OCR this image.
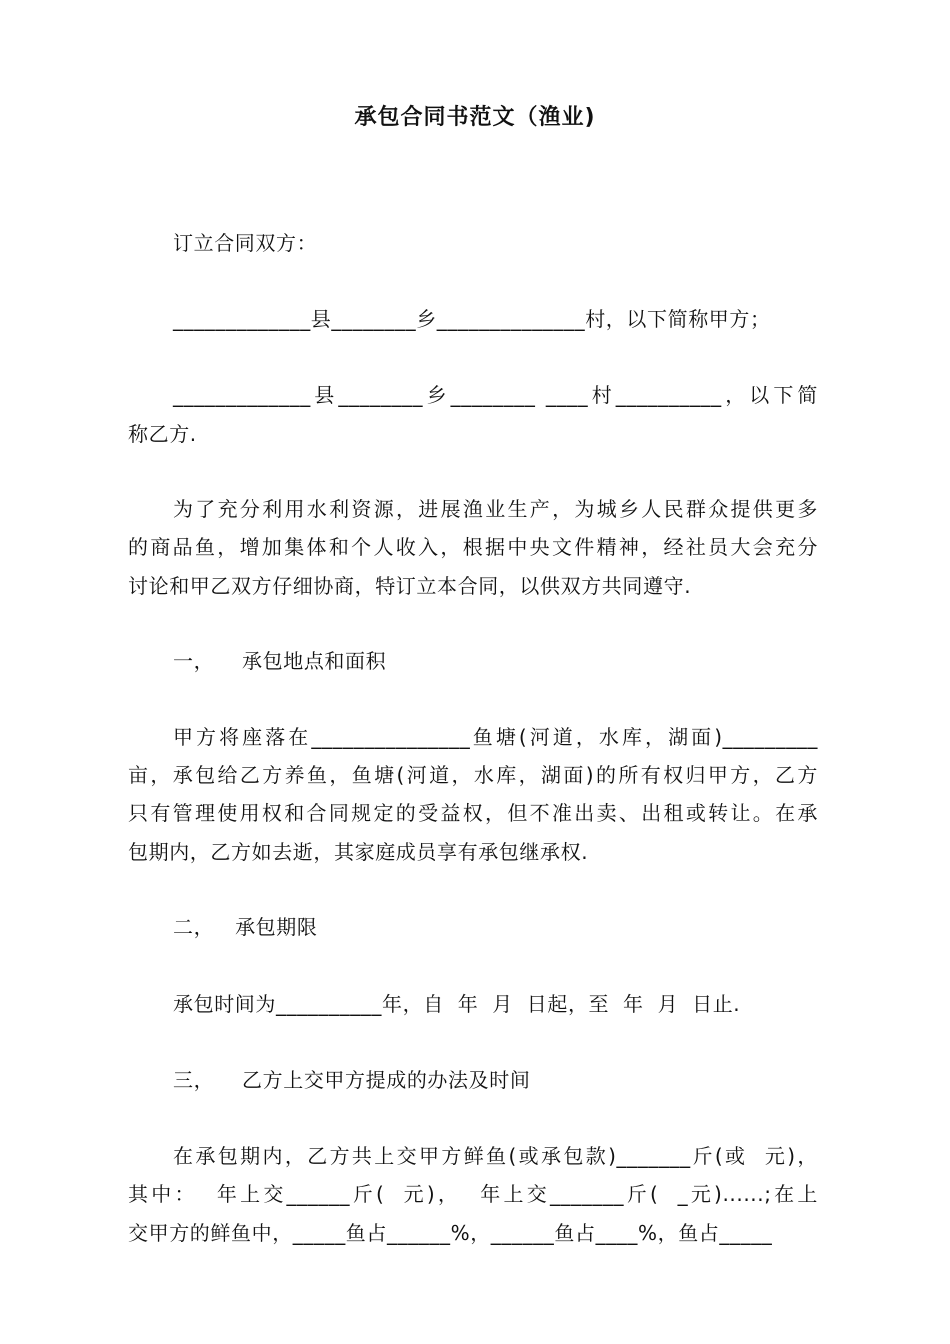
承包合同书范文（渔业)
订立合同双方：
_____________县________乡______________村，以下简称甲方；
_____________县________乡________ ____村__________，以下简
称乙方.
为了充分利用水利资源，进展渔业生产，为城乡人民群众提供更多
的商品鱼，增加集体和个人收入，根据中央文件精神，经社员大会充分
讨论和甲乙双方仔细协商，特订立本合同，以供双方共同遵守.
一，    承包地点和面积
甲方将座落在_______________鱼塘(河道，水库，湖面)_________
亩，承包给乙方养鱼，鱼塘(河道，水库，湖面)的所有权归甲方，乙方
只有管理使用权和合同规定的受益权，但不准出卖、出租或转让。在承
包期内，乙方如去逝，其家庭成员享有承包继承权.
二，   承包期限
承包时间为__________年，自  年  月  日起，至  年  月  日止.
三，    乙方上交甲方提成的办法及时间
在承包期内，乙方共上交甲方鲜鱼(或承包款)_______斤(或  元)，
其中：  年上交______斤(  元)，  年上交_______斤(  _元)......;在上
交甲方的鲜鱼中，_____鱼占______%，______鱼占____%，鱼占_____
